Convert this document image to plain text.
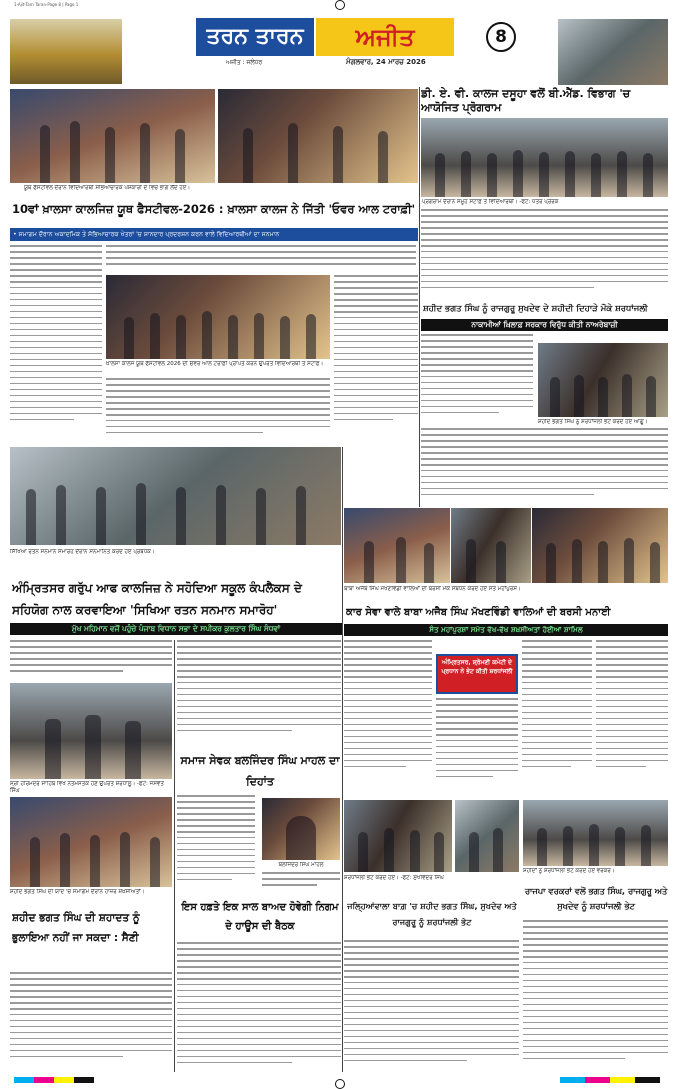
1-Ajit-Tarn Taran-Page 8 | Page 1
ਤਰਨ ਤਾਰਨ	ਅਜੀਤ
ਅਜੀਤ : ਜਲੰਧਰ	ਮੰਗਲਵਾਰ, 24 ਮਾਰਚ 2026
8
ਯੂਥ ਫੈਸਟੀਵਲ ਦੌਰਾਨ ਵਿਦਿਆਰਥੀ ਸਭਿਆਚਾਰਕ ਪੇਸ਼ਕਾਰੀ ਦੇ ਵਿਚ ਭਾਗ ਲੈਂਦੇ ਹੋਏ।
ਡੀ. ਏ. ਵੀ. ਕਾਲਜ ਦਸੂਹਾ ਵਲੋਂ ਬੀ.ਐੱਡ. ਵਿਭਾਗ 'ਚ ਆਯੋਜਿਤ ਪ੍ਰੋਗਰਾਮ
ਪ੍ਰੋਗਰਾਮ ਦੌਰਾਨ ਸਮੂਹ ਸਟਾਫ਼ ਤੇ ਵਿਦਿਆਰਥੀ। -ਫੋਟੋ: ਪੱਤਰ ਪ੍ਰੇਰਕ
10ਵਾਂ ਖ਼ਾਲਸਾ ਕਾਲਜਿਜ਼ ਯੂਥ ਫੈਸਟੀਵਲ-2026 : ਖ਼ਾਲਸਾ ਕਾਲਜ ਨੇ ਜਿੱਤੀ 'ਓਵਰ ਆਲ ਟਰਾਫ਼ੀ'
• ਸਮਾਗਮ ਦੌਰਾਨ ਅਕਾਦਮਿਕ ਤੇ ਸੱਭਿਆਚਾਰਕ ਖੇਤਰਾਂ 'ਚ ਸ਼ਾਨਦਾਰ ਪ੍ਰਦਰਸ਼ਨ ਕਰਨ ਵਾਲੇ ਵਿਦਿਆਰਥੀਆਂ ਦਾ ਸਨਮਾਨ
ਖ਼ਾਲਸਾ ਕਾਲਜ ਯੂਥ ਫੈਸਟੀਵਲ 2026 ਦੀ ਓਵਰ ਆਲ ਟਰਾਫ਼ੀ ਪ੍ਰਾਪਤ ਕਰਨ ਉਪਰੰਤ ਵਿਦਿਆਰਥੀ ਤੇ ਸਟਾਫ਼।
ਸ਼ਹੀਦ ਭਗਤ ਸਿੰਘ ਨੂੰ ਰਾਜਗੁਰੂ ਸੁਖਦੇਵ ਦੇ ਸ਼ਹੀਦੀ ਦਿਹਾੜੇ ਮੌਕੇ ਸ਼ਰਧਾਂਜਲੀ
ਨਾਕਾਮੀਆਂ ਖ਼ਿਲਾਫ਼ ਸਰਕਾਰ ਵਿਰੁੱਧ ਕੀਤੀ ਨਾਅਰੇਬਾਜ਼ੀ
ਸ਼ਹੀਦ ਭਗਤ ਸਿੰਘ ਨੂੰ ਸ਼ਰਧਾਂਜਲੀ ਭੇਟ ਕਰਦੇ ਹੋਏ ਆਗੂ।
ਸਿੱਖਿਆ ਰਤਨ ਸਨਮਾਨ ਸਮਾਰੋਹ ਦੌਰਾਨ ਸਨਮਾਨਿਤ ਕਰਦੇ ਹੋਏ ਪ੍ਰਬੰਧਕ।
ਅੰਮ੍ਰਿਤਸਰ ਗਰੁੱਪ ਆਫ ਕਾਲਜਿਜ਼ ਨੇ ਸਹੋਦਿਆ ਸਕੂਲ ਕੰਪਲੈਕਸ ਦੇ ਸਹਿਯੋਗ ਨਾਲ ਕਰਵਾਇਆ 'ਸਿਖਿਆ ਰਤਨ ਸਨਮਾਨ ਸਮਾਰੋਹ'
ਮੁੱਖ ਮਹਿਮਾਨ ਵਜੋਂ ਪਹੁੰਚੇ ਪੰਜਾਬ ਵਿਧਾਨ ਸਭਾ ਦੇ ਸਪੀਕਰ ਕੁਲਤਾਰ ਸਿੰਘ ਸੰਧਵਾਂ
ਬਾਬਾ ਅਜੈਬ ਸਿੰਘ ਮੱਖਣਵਿੰਡੀ ਵਾਲਿਆਂ ਦੀ ਬਰਸੀ ਮੌਕੇ ਸੰਬੋਧਨ ਕਰਦੇ ਹੋਏ ਸੰਤ ਮਹਾਂਪੁਰਸ਼।
ਕਾਰ ਸੇਵਾ ਵਾਲੇ ਬਾਬਾ ਅਜੈਬ ਸਿੰਘ ਮੱਖਣਵਿੰਡੀ ਵਾਲਿਆਂ ਦੀ ਬਰਸੀ ਮਨਾਈ
ਸੰਤ ਮਹਾਂਪੁਰਸ਼ਾਂ ਸਮੇਤ ਵੱਖ-ਵੱਖ ਸ਼ਖ਼ਸੀਅਤਾਂ ਹੋਈਆਂ ਸ਼ਾਮਿਲ
ਅੰਮ੍ਰਿਤਸਰ, ਸ਼੍ਰੋਮਣੀ ਕਮੇਟੀ ਦੇ ਪ੍ਰਧਾਨ ਨੇ ਭੇਟ ਕੀਤੀ ਸ਼ਰਧਾਂਜਲੀ
ਸ੍ਰੀ ਹਰਿਮੰਦਰ ਸਾਹਿਬ ਵਿਖੇ ਨਤਮਸਤਕ ਹੋਣ ਉਪਰੰਤ ਸ਼ਰਧਾਲੂ। -ਫੋਟੋ: ਜਸਵੰਤ ਸਿੰਘ
ਸਮਾਜ ਸੇਵਕ ਬਲਜਿੰਦਰ ਸਿੰਘ ਮਾਹਲ ਦਾ ਦਿਹਾਂਤ
ਬਲਜਿੰਦਰ ਸਿੰਘ ਮਾਹਲ
ਸ਼ਹੀਦ ਭਗਤ ਸਿੰਘ ਦੀ ਯਾਦ 'ਚ ਸਮਾਗਮ ਦੌਰਾਨ ਹਾਜ਼ਰ ਸ਼ਖ਼ਸੀਅਤਾਂ।
ਸ਼ਹੀਦ ਭਗਤ ਸਿੰਘ ਦੀ ਸ਼ਹਾਦਤ ਨੂੰ ਭੁਲਾਇਆ ਨਹੀਂ ਜਾ ਸਕਦਾ : ਸੈਣੀ
ਸ਼ਰਧਾਂਜਲੀ ਭੇਟ ਕਰਦੇ ਹੋਏ। -ਫੋਟੋ: ਸੁਖਵਿੰਦਰ ਸਿੰਘ
ਸ਼ਹੀਦਾਂ ਨੂੰ ਸ਼ਰਧਾਂਜਲੀ ਭੇਟ ਕਰਦੇ ਹੋਏ ਵਰਕਰ।
ਰਾਜਪਾ ਵਰਕਰਾਂ ਵਲੋਂ ਭਗਤ ਸਿੰਘ, ਰਾਜਗੁਰੂ ਅਤੇ ਸੁਖਦੇਵ ਨੂੰ ਸ਼ਰਧਾਂਜਲੀ ਭੇਟ
ਇਸ ਹਫ਼ਤੇ ਇਕ ਸਾਲ ਬਾਅਦ ਹੋਵੇਗੀ ਨਿਗਮ ਦੇ ਹਾਊਸ ਦੀ ਬੈਠਕ
ਜਲ੍ਹਿਆਂਵਾਲਾ ਬਾਗ਼ 'ਚ ਸ਼ਹੀਦ ਭਗਤ ਸਿੰਘ, ਸੁਖਦੇਵ ਅਤੇ ਰਾਜਗੁਰੂ ਨੂੰ ਸ਼ਰਧਾਂਜਲੀ ਭੇਟ
